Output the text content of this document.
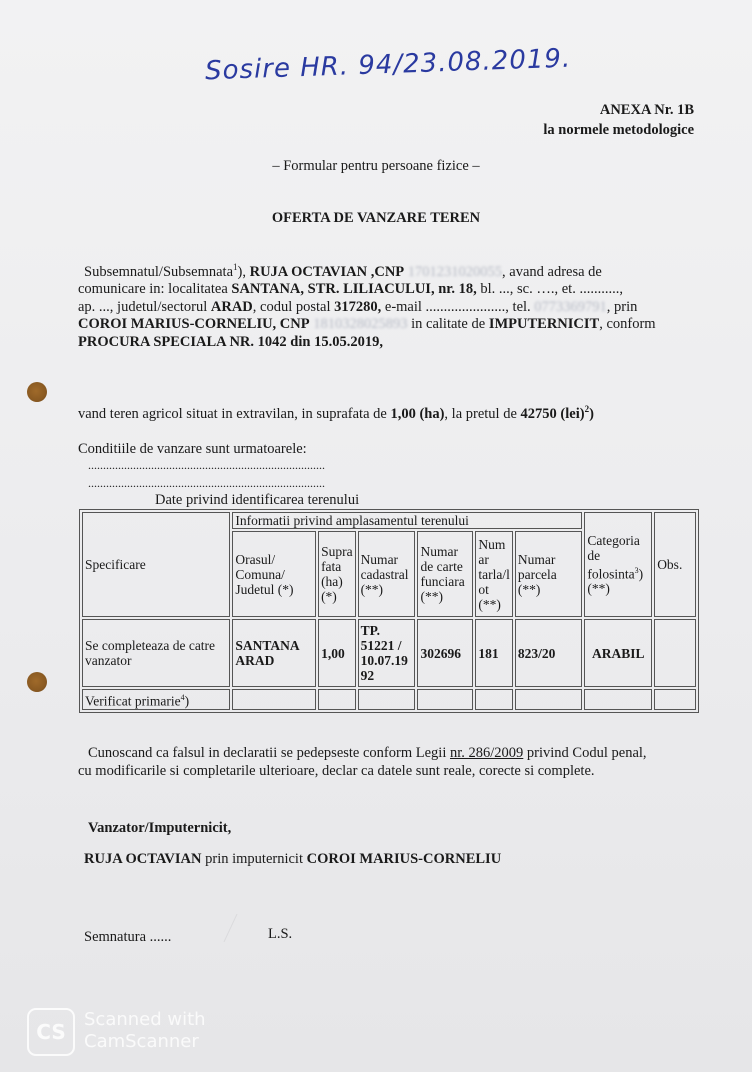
Sosire HR. 94/23.08.2019.
ANEXA Nr. 1B
la normele metodologice
– Formular pentru persoane fizice –
OFERTA DE VANZARE TEREN
Subsemnatul/Subsemnata$^1$), RUJA OCTAVIAN ,CNP 1701231020055, avand adresa de
comunicare in: localitatea SANTANA, STR. LILIACULUI, nr. 18, bl. ..., sc. …., et. ...........,
ap. ..., judetul/sectorul ARAD, codul postal 317280, e-mail ......................, tel. 0773369791, prin
COROI MARIUS-CORNELIU, CNP 1810328025893 in calitate de IMPUTERNICIT, conform
PROCURA SPECIALA NR. 1042 din 15.05.2019,
vand teren agricol situat in extravilan, in suprafata de 1,00 (ha), la pretul de 42750 (lei)$^2$)
Conditiile de vanzare sunt urmatoarele:
...............................................................................
...............................................................................
Date privind identificarea terenului
Specificare	Informatii privind amplasamentul terenului						Categoria de folosinta$^3$) (**)	Obs.
	Orasul/ Comuna/ Judetul (*)	Supra fata (ha) (*)	Numar cadastral (**)	Numar de carte funciara (**)	Num ar tarla/l ot (**)	Numar parcela (**)		
Se completeaza de catre vanzator	SANTANA ARAD	1,00	TP. 51221 / 10.07.19 92	302696	181	823/20	ARABIL	
Verificat primarie$^4$)								
Cunoscand ca falsul in declaratii se pedepseste conform Legii nr. 286/2009 privind Codul penal,
cu modificarile si completarile ulterioare, declar ca datele sunt reale, corecte si complete.
Vanzator/Imputernicit,
RUJA OCTAVIAN prin imputernicit COROI MARIUS-CORNELIU
Semnatura ......	L.S.
CS
Scanned with
CamScanner
